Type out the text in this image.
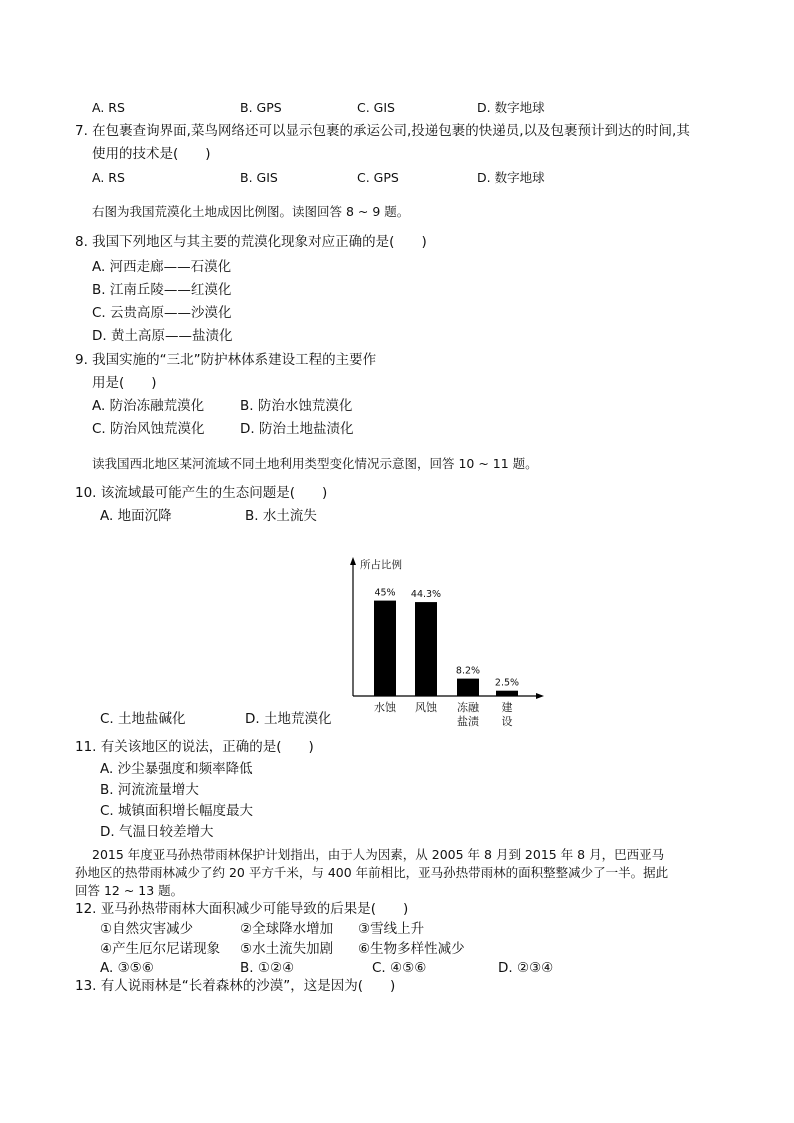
A. RS	B. GPS	C. GIS	D. 数字地球
7. 在包裹查询界面,菜鸟网络还可以显示包裹的承运公司,投递包裹的快递员,以及包裹预计到达的时间,其
使用的技术是(　　)
A. RS	B. GIS	C. GPS	D. 数字地球
右图为我国荒漠化土地成因比例图。读图回答 8 ~ 9 题。
8. 我国下列地区与其主要的荒漠化现象对应正确的是(　　)
A. 河西走廊——石漠化
B. 江南丘陵——红漠化
C. 云贵高原——沙漠化
D. 黄土高原——盐渍化
9. 我国实施的“三北”防护林体系建设工程的主要作
用是(　　)
A. 防治冻融荒漠化	B. 防治水蚀荒漠化
C. 防治风蚀荒漠化	D. 防治土地盐渍化
读我国西北地区某河流域不同土地利用类型变化情况示意图，回答 10 ~ 11 题。
10. 该流域最可能产生的生态问题是(　　)
A. 地面沉降	B. 水土流失
C. 土地盐碱化	D. 土地荒漠化
所占比例
45%
水蚀
44.3%
风蚀
8.2%
冻融
盐渍
2.5%
建
设
11. 有关该地区的说法，正确的是(　　)
A. 沙尘暴强度和频率降低
B. 河流流量增大
C. 城镇面积增长幅度最大
D. 气温日较差增大
2015 年度亚马孙热带雨林保护计划指出，由于人为因素，从 2005 年 8 月到 2015 年 8 月，巴西亚马
孙地区的热带雨林减少了约 20 平方千米，与 400 年前相比，亚马孙热带雨林的面积整整减少了一半。据此
回答 12 ~ 13 题。
12. 亚马孙热带雨林大面积减少可能导致的后果是(　　)
①自然灾害减少	②全球降水增加 ③雪线上升
④产生厄尔尼诺现象 ⑤水土流失加剧 ⑥生物多样性减少
A. ③⑤⑥	B. ①②④	C. ④⑤⑥	D. ②③④
13. 有人说雨林是“长着森林的沙漠”，这是因为(　　)
